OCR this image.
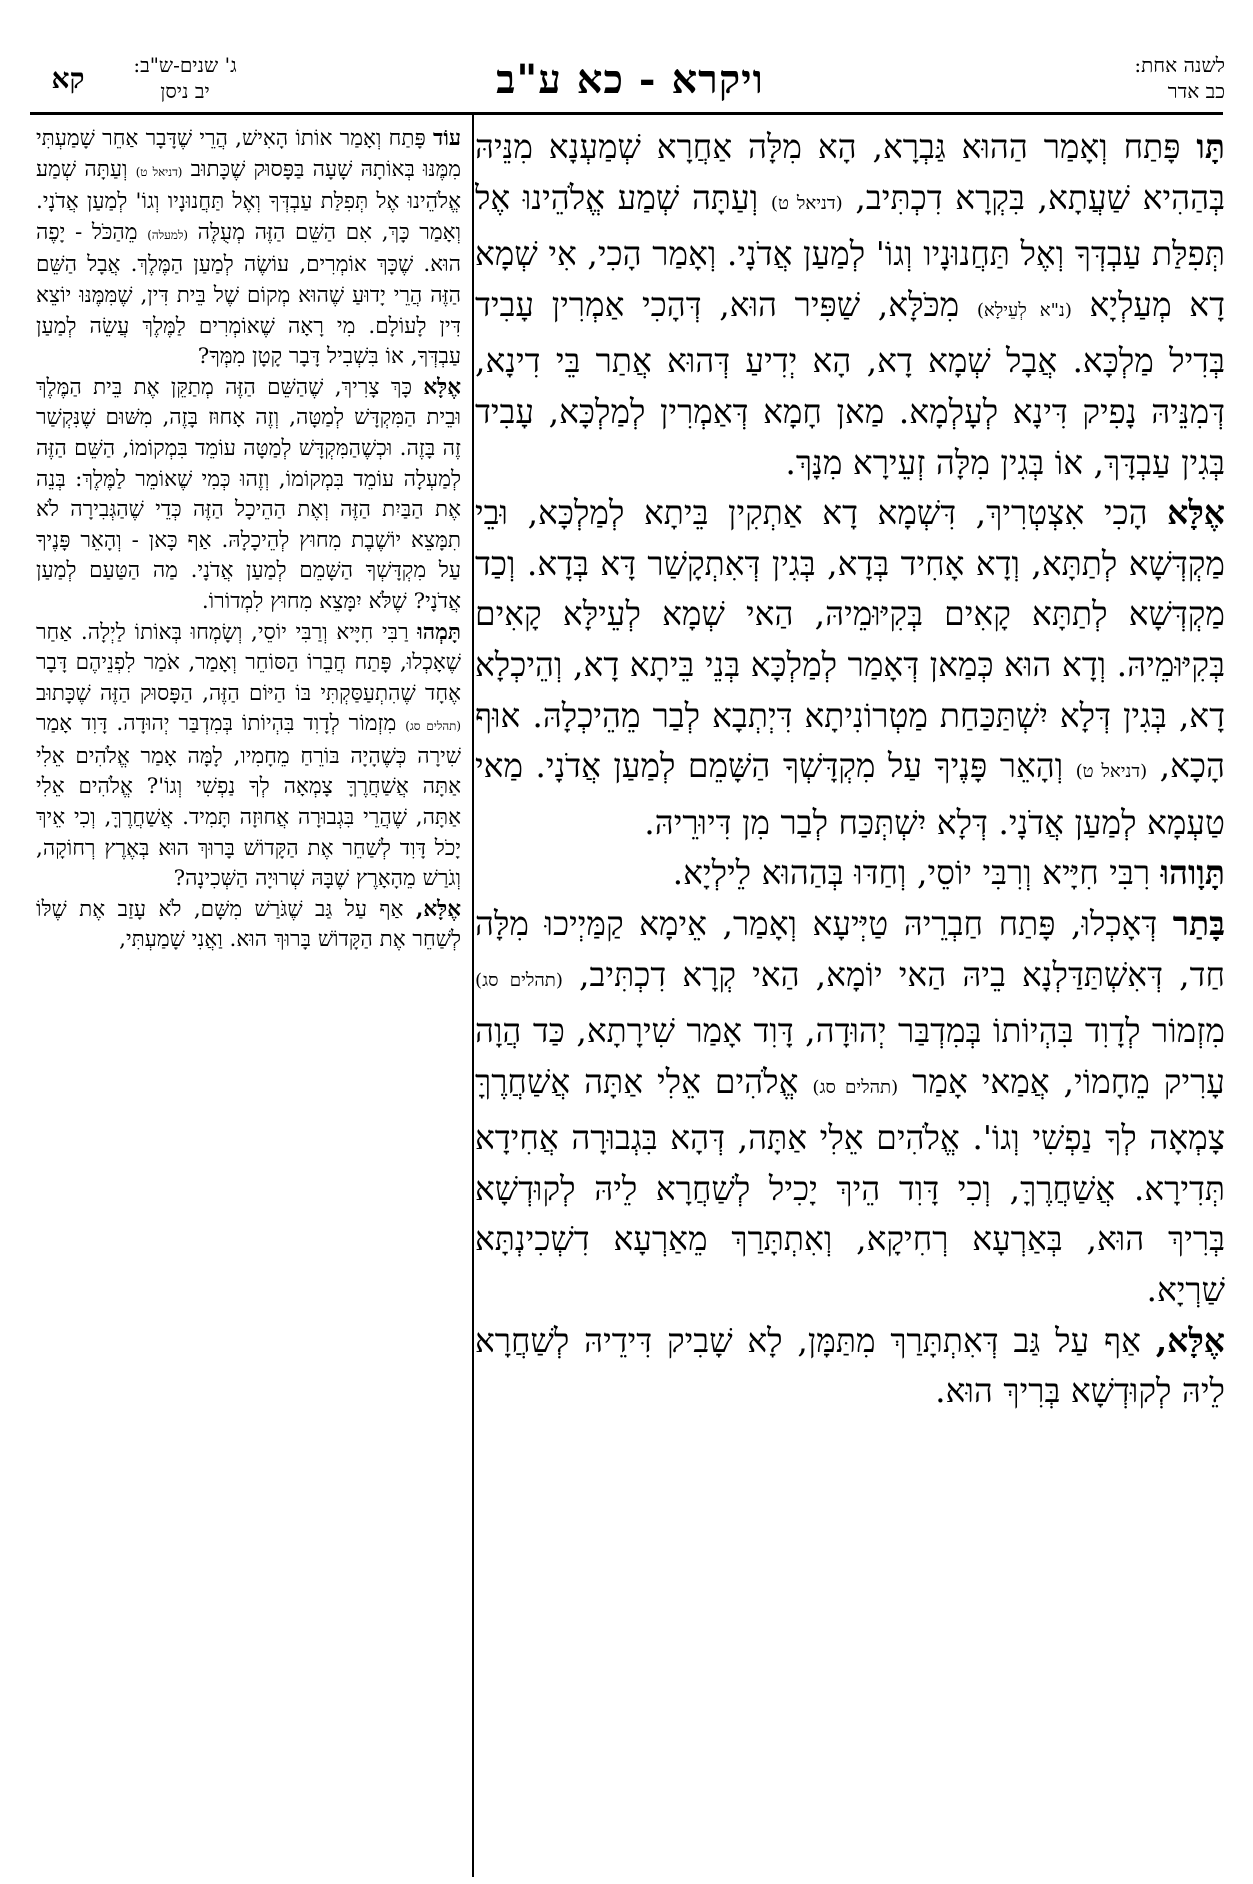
לשנה אחת:
כב אדר
ויקרא - כא ע"ב
ג' שנים-ש"ב:
יב ניסן
קא

תָּו פָּתַח וְאָמַר הַהוּא גַּבְרָא, הָא מִלָּה אַחֲרָא שְׁמַעְנָא מִנֵּיהּ בְּהַהִיא שַׁעֲתָא, בִּקְרָא דִכְתִּיב, (דניאל ט) וְעַתָּה שְׁמַע אֱלֹהֵינוּ אֶל תְּפִלַּת עַבְדְּךָ וְאֶל תַּחֲנוּנָיו וְגוֹ' לְמַעַן אֲדֹנָי. וְאָמַר הָכִי, אִי שְׁמָא דָא מְעַלְיָא (נ"א לְעֵילָא) מִכֹּלָּא, שַׁפִּיר הוּא, דְּהָכִי אַמְרִין עָבִיד בְּדִיל מַלְכָּא. אֲבָל שְׁמָא דָא, הָא יְדִיעַ דְּהוּא אֲתַר בֵּי דִינָא, דְּמִנֵּיהּ נָפִיק דִּינָא לְעָלְמָא. מַאן חָמָא דְּאַמְרִין לְמַלְכָּא, עָבִיד בְּגִין עַבְדָּךְ, אוֹ בְּגִין מִלָּה זְעֵירָא מִנָּךְ.

אֶלָּא הָכִי אִצְטְרִיךְ, דִּשְׁמָא דָא אַתְקִין בֵּיתָא לְמַלְכָּא, וּבֵי מַקְדְּשָׁא לְתַתָּא, וְדָא אָחִיד בְּדָא, בְּגִין דְּאִתְקָשַׁר דָּא בְּדָא. וְכַד מַקְדְּשָׁא לְתַתָּא קָאִים בְּקִיּוּמֵיהּ, הַאי שְׁמָא לְעֵילָּא קָאִים בְּקִיּוּמֵיהּ. וְדָא הוּא כְּמַאן דְּאָמַר לְמַלְכָּא בְּנֵי בֵּיתָא דָא, וְהֵיכְלָא דָא, בְּגִין דְּלָא יִשְׁתַּכַּחַת מַטְרוֹנִיתָא דִּיְתְבָא לְבַר מֵהֵיכְלָהּ. אוּף הָכָא, (דניאל ט) וְהָאֵר פָּנֶיךָ עַל מִקְדָּשְׁךָ הַשָּׁמֵם לְמַעַן אֲדֹנָי. מַאי טַעְמָא לְמַעַן אֲדֹנָי. דְּלָא יִשְׁתְּכַּח לְבַר מִן דִּיוּרֵיהּ.

תָּוָוהוּ רִבִּי חִיָּיא וְרִבִּי יוֹסֵי, וְחַדּוּ בְּהַהוּא לֵילְיָא.

בָּתַר דְּאָכְלוּ, פָּתַח חַבְרֵיהּ טַיְּיעָא וְאָמַר, אֵימָא קַמַּיְיכוּ מִלָּה חַד, דְּאִשְׁתַּדַּלְנָא בֵיהּ הַאי יוֹמָא, הַאי קְרָא דִכְתִּיב, (תהלים סג) מִזְמוֹר לְדָוִד בִּהְיוֹתוֹ בְּמִדְבַּר יְהוּדָה, דָּוִד אָמַר שִׁירָתָא, כַּד הֲוָה עָרִיק מֵחָמוֹי, אֲמַאי אָמַר (תהלים סג) אֱלֹהִים אֵלִי אַתָּה אֲשַׁחֲרֶךָּ צָמְאָה לְךָ נַפְשִׁי וְגוֹ'. אֱלֹהִים אֵלִי אַתָּה, דְּהָא בִּגְבוּרָה אֲחִידָא תְּדִירָא. אֲשַׁחֲרֶךָּ, וְכִי דָּוִד הֵיךְ יָכִיל לְשַׁחֲרָא לֵיהּ לְקוּדְשָׁא בְּרִיךְ הוּא, בְּאַרְעָא רְחִיקָא, וְאִתְתָּרַךְ מֵאַרְעָא דִשְׁכִינְתָּא שַׁרְיָא.

אֶלָּא, אַף עַל גַּב דְּאִתְתָּרַךְ מִתַּמָּן, לָא שָׁבִיק דִּידֵיהּ לְשַׁחֲרָא לֵיהּ לְקוּדְשָׁא בְּרִיךְ הוּא.

עוֹד פָּתַח וְאָמַר אוֹתוֹ הָאִישׁ, הֲרֵי שֶׁדָּבָר אַחֵר שָׁמַעְתִּי מִמֶּנּוּ בְּאוֹתָהּ שָׁעָה בַּפָּסוּק שֶׁכָּתוּב (דניאל ט) וְעַתָּה שְׁמַע אֱלֹהֵינוּ אֶל תְּפִלַּת עַבְדְּךָ וְאֶל תַּחֲנוּנָיו וְגוֹ' לְמַעַן אֲדֹנָי. וְאָמַר כָּךְ, אִם הַשֵּׁם הַזֶּה מְעֻלֶּה (למעלה) מֵהַכֹּל - יָפֶה הוּא. שֶׁכָּךְ אוֹמְרִים, עוֹשֶׂה לְמַעַן הַמֶּלֶךְ. אֲבָל הַשֵּׁם הַזֶּה הֲרֵי יָדוּעַ שֶׁהוּא מְקוֹם שֶׁל בֵּית דִּין, שֶׁמִּמֶּנּוּ יוֹצֵא דִּין לָעוֹלָם. מִי רָאָה שֶׁאוֹמְרִים לַמֶּלֶךְ עֲשֵׂה לְמַעַן עַבְדְּךָ, אוֹ בִּשְׁבִיל דָּבָר קָטָן מִמְּךָ?

אֶלָּא כָּךְ צָרִיךְ, שֶׁהַשֵּׁם הַזֶּה מְתַקֵּן אֶת בֵּית הַמֶּלֶךְ וּבֵית הַמִּקְדָּשׁ לְמַטָּה, וְזֶה אָחוּז בָּזֶה, מִשּׁוּם שֶׁנִּקְשַׁר זֶה בָּזֶה. וּכְשֶׁהַמִּקְדָּשׁ לְמַטָּה עוֹמֵד בִּמְקוֹמוֹ, הַשֵּׁם הַזֶּה לְמַעְלָה עוֹמֵד בִּמְקוֹמוֹ, וְזֶהוּ כְּמִי שֶׁאוֹמֵר לַמֶּלֶךְ: בְּנֵה אֶת הַבַּיִת הַזֶּה וְאֶת הַהֵיכָל הַזֶּה כְּדֵי שֶׁהַגְּבִירָה לֹא תִמָּצֵא יוֹשֶׁבֶת מִחוּץ לְהֵיכָלָהּ. אַף כָּאן - וְהָאֵר פָּנֶיךָ עַל מִקְדָּשְׁךָ הַשָּׁמֵם לְמַעַן אֲדֹנָי. מַה הַטַּעַם לְמַעַן אֲדֹנָי? שֶׁלֹּא יִמָּצֵא מִחוּץ לִמְדוֹרוֹ.

תָּמְהוּ רַבִּי חִיָּיא וְרַבִּי יוֹסֵי, וְשָׂמְחוּ בְּאוֹתוֹ לַיְלָה. אַחַר שֶׁאָכְלוּ, פָּתַח חֲבֵרוֹ הַסּוֹחֵר וְאָמַר, אֹמַר לִפְנֵיהֶם דָּבָר אֶחָד שֶׁהִתְעַסַּקְתִּי בּוֹ הַיּוֹם הַזֶּה, הַפָּסוּק הַזֶּה שֶׁכָּתוּב (תהלים סג) מִזְמוֹר לְדָוִד בִּהְיוֹתוֹ בְּמִדְבַּר יְהוּדָה. דָּוִד אָמַר שִׁירָה כְּשֶׁהָיָה בּוֹרֵחַ מֵחָמִיו, לָמָּה אָמַר אֱלֹהִים אֵלִי אַתָּה אֲשַׁחֲרֶךָּ צָמְאָה לְךָ נַפְשִׁי וְגוֹ'? אֱלֹהִים אֵלִי אַתָּה, שֶׁהֲרֵי בִּגְבוּרָה אֲחוּזָה תָּמִיד. אֲשַׁחֲרֶךָּ, וְכִי אֵיךְ יָכֹל דָּוִד לְשַׁחֵר אֶת הַקָּדוֹשׁ בָּרוּךְ הוּא בְּאֶרֶץ רְחוֹקָה, וְגֹרַשׁ מֵהָאָרֶץ שֶׁבָּהּ שְׁרוּיָה הַשְּׁכִינָה?

אֶלָּא, אַף עַל גַּב שֶׁגֹּרַשׁ מִשָּׁם, לֹא עָזַב אֶת שֶׁלּוֹ לְשַׁחֵר אֶת הַקָּדוֹשׁ בָּרוּךְ הוּא. וַאֲנִי שָׁמַעְתִּי,
